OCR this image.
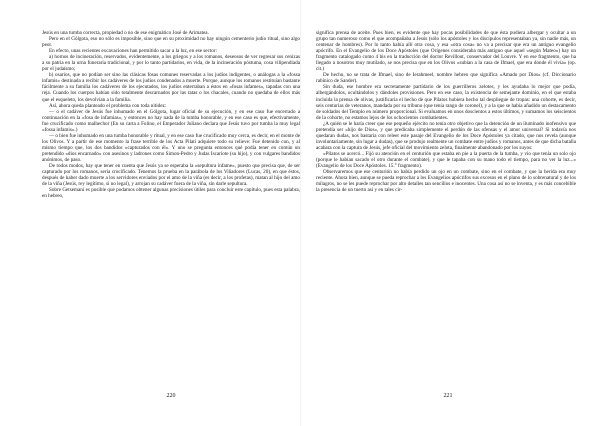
Jesús en una tumba correcta, propiedad o no de ese enigmático José de Arimatea.

Pero en el Gólgota, eso no sólo es imposible, sino que en su proximidad no hay ningún cementerio judío ritual, sino algo peor.

En efecto, unas recientes excavaciones han permitido sacar a la luz, en ese sector:

a) hornos de incineración, reservados, evidentemente, a los griegos y a los romanos, deseosos de ver regresar sus cenizas a su patria en la urna funeraria tradicional, y por lo tanto partidarios, en vida, de la incineración póstuma, cosa vilipendiada por el judaísmo;

b) osarios, que no podían ser sino las clásicas fosas comunes reservadas a los judíos indigentes, o análogas a la «fossa infamis» destinada a recibir los cadáveres de los judíos condenados a muerte. Porque, aunque los romanos restituían bastante fácilmente a su familia los cadáveres de los ejecutados, los judíos enterraban a éstos en «fosas infames», tapadas con una reja. Cuando los cuerpos habían sido totalmente descarnados por las ratas o los chacales, cuando no quedaba de ellos más que el esqueleto, los devolvían a la familia.

Así, ahora queda planteado el problema con toda nitidez:

— o el cadáver de Jesús fue inhumado en el Gólgota, lugar oficial de su ejecución, y en ese caso fue encerrado a continuación en la «fosa de infamias», y entonces no hay nada de la tumba honorable, y en ese caso es que, efectivamente, fue crucificado como malhechor (En su carta a Folino, el Emperador Juliano declara que Jesús tuvo por tumba la muy legal «fossa infamis».)

— o bien fue inhumado en una tumba honorable y ritual, y en ese caso fue crucificado muy cerca, es decir, en el monte de los Olivos. Y a partir de ese momento la frase terrible de los Acta Pilati adquiere todo su relieve: Fue detenido con, y al mismo tiempo que, los dos bandidos «capturados con él». Y uno se pregunta entonces qué podía tener en común un pretendido «dios encarnado» con asesinos y ladrones como Simon-Pedro y Judas Iscariote (su hijo), y con vulgares bandidos anónimos, de paso.

De todos modos, hay que tener en cuenta que Jesús ya se esperaba la «sepultura infame», puesto que precisa que, de ser capturado por los romanos, sería crucificado. Tenemos la prueba en la parábola de los Viñadores (Lucas, 20), en que éstos, después de haber dado muerte a los servidores enviados por el amo de la viña (es decir, a los profetas), matan al hijo del amo de la viña (Jesús, rey legítimo, si no legal), y arrojan su cadáver fuera de la viña, sin darle sepultura.

Sobre Getsemaní es posible que podamos obtener algunas precisiones útiles para concluir este capítulo, pues esta palabra, en hebreo,

220

significa prensa de aceite. Pues bien, es evidente que hay pocas posibilidades de que ésta pudiera albergar y ocultar a un grupo tan numeroso como el que acompañaba a Jesús (sólo los apóstoles y los discípulos representaban ya, sin nadie más, un centenar de hombres). Por lo tanto había allí otra cosa, y esa «otra cosa» no va a precisar que era un antiguo evangelio apócrifo. En el Evangelio de los Doce Apóstoles (que Orígenes consideraba más antiguo que aquel «según Mateo») hay un fragmento catalogado como 4 bis en la traducción del doctor Revillout, conservador del Louvre. Y en ese fragmento, que ha llegado a nosotros muy mutilado, se nos precisa que en los Olivos «subían a la casa de Ifmael, que era donde él vivía» (op. cit.)

De hecho, no se trata de Ifmael, sino de Ierahmeel, nombre hebreo que significa «Amado por Dios» (cf. Diccionario rabínico de Sander).

Sin duda, ese hombre era secretamente partidario de los guerrilleros zelotes, y les ayudaba lo mejor que podía, albergándolos, ocultándolos y dándoles provisiones. Pero en ese caso, la existencia de semejante dominio, en el que estaba incluida la prensa de olivas, justificaría el hecho de que Pilatos hubiera hecho tal despliegue de tropas: una cohorte, es decir, seis centurias de veteranos, mandada por su tribuno (que tenía rango de coronel), y a la que se había añadido un destacamento de soldados del Templo en número proporcional. Si evaluamos en unos doscientos a estos últimos, y sumamos los seiscientos de la cohorte, no estamos lejos de los ochocientos combatientes.

¿A quién se le haría creer que ese pequeño ejército no tenía otro objetivo que la detención de un iluminado inofensivo que pretendía ser «hijo de Dios», y que predicaba simplemente el perdón de las ofensas y el amor universal? Si todavía nos quedaran dudas, nos bastaría con releer este pasaje del Evangelio de los Doce Apóstoles ya citado, que nos revela (aunque involuntariamente, sin lugar a dudas), que se produjo realmente un combate entre judíos y romanos, antes de que dicha batalla acabara con la captura de Jesús, jefe oficial del movimiento zelota, finalmente abandonado por los suyos:

«Pilatos se acercó... Fijó su atención en el centurión que estaba en pie a la puerta de la tumba, y vio que tenía un solo ojo (porque le habían sacado el otro durante el combate), y que le tapaba con su mano todo el tiempo, para no ver la luz...» (Evangelio de los Doce Apóstoles. 15.° fragmento).

Observaremos que ese centurión no había perdido un ojo en un combate, sino en el combate, y que la herida era muy reciente. Ahora bien, aunque se pueda reprochar a los Evangelios apócrifos sus excesos en el plano de lo sobrenatural y de los milagros, no se les puede reprochar por alto detalles tan sencillos e inocentes. Una cosa así no se inventa, y es más concebible la presencia de un tuerto así y en tales cir-

221
